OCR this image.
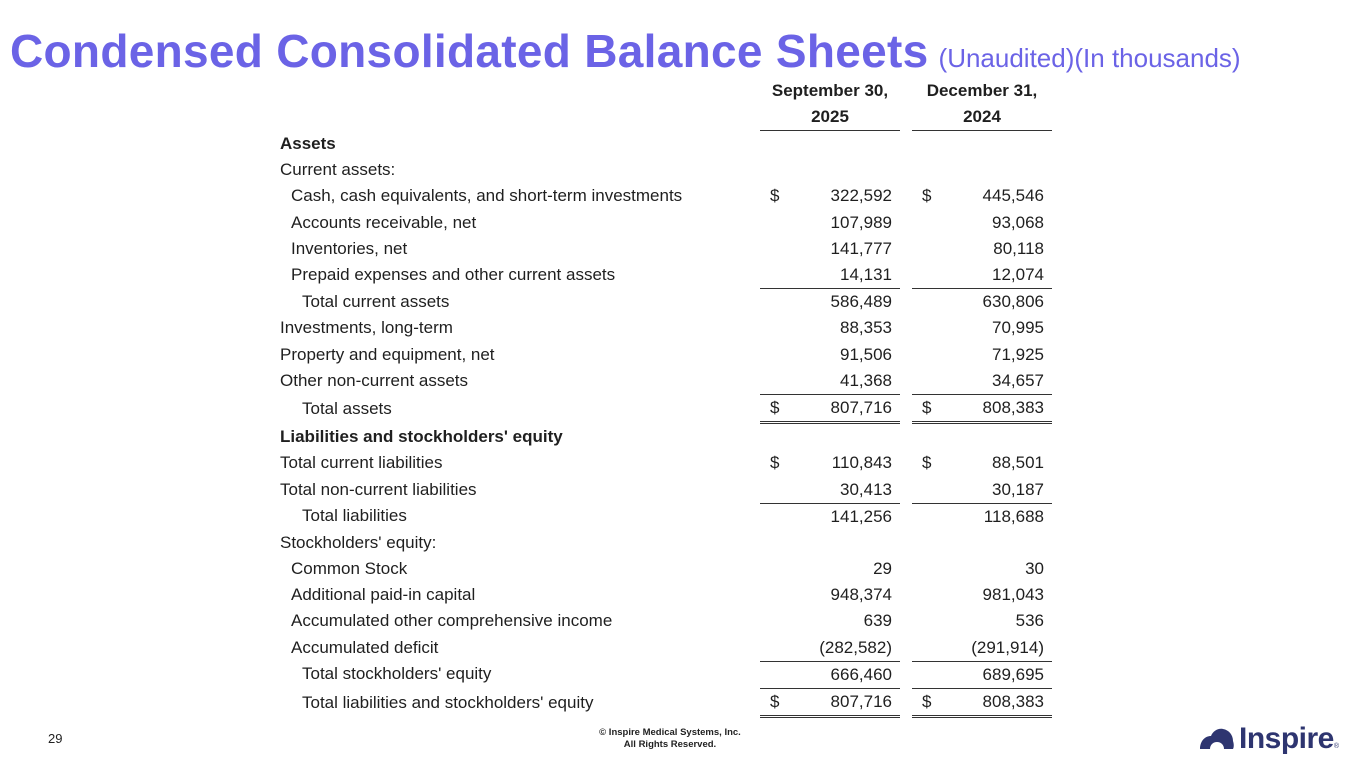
Condensed Consolidated Balance Sheets (Unaudited)(In thousands)
	September 30,		December 31,
	2025		2024
Assets	

Current assets:	

Cash, cash equivalents, and short-term investments	$ 322,592		$ 445,546

Accounts receivable, net	107,989		93,068

Inventories, net	141,777		80,118

Prepaid expenses and other current assets	14,131		12,074

Total current assets	586,489		630,806

Investments, long-term	88,353		70,995

Property and equipment, net	91,506		71,925

Other non-current assets	41,368		34,657

Total assets	$ 807,716		$ 808,383

Liabilities and stockholders' equity	

Total current liabilities	$ 110,843		$ 88,501

Total non-current liabilities	30,413		30,187

Total liabilities	141,256		118,688

Stockholders' equity:	

Common Stock	29		30

Additional paid-in capital	948,374		981,043

Accumulated other comprehensive income	639		536

Accumulated deficit	(282,582)		(291,914)

Total stockholders' equity	666,460		689,695

Total liabilities and stockholders' equity	$ 807,716		$ 808,383
29	© Inspire Medical Systems, Inc.
All Rights Reserved.	Inspire ®
